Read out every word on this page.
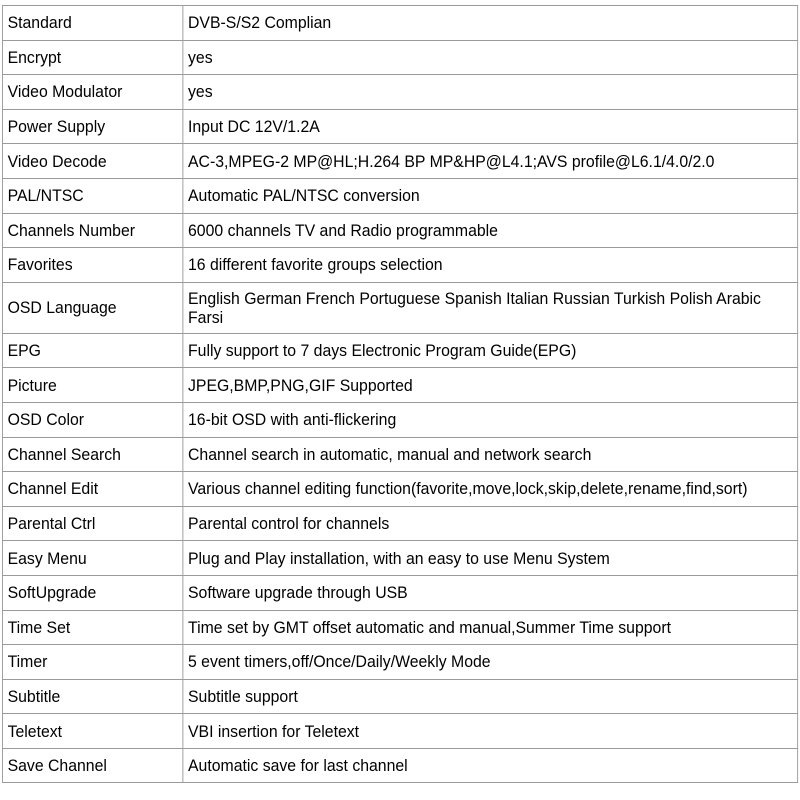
Standard	DVB-S/S2 Complian
Encrypt	yes
Video Modulator	yes
Power Supply	Input DC 12V/1.2A
Video Decode	AC-3,MPEG-2 MP@HL;H.264 BP MP&HP@L4.1;AVS profile@L6.1/4.0/2.0
PAL/NTSC	Automatic PAL/NTSC conversion
Channels Number	6000 channels TV and Radio programmable
Favorites	16 different favorite groups selection
OSD Language	English German French Portuguese Spanish Italian Russian Turkish Polish Arabic Farsi
EPG	Fully support to 7 days Electronic Program Guide(EPG)
Picture	JPEG,BMP,PNG,GIF Supported
OSD Color	16-bit OSD with anti-flickering
Channel Search	Channel search in automatic, manual and network search
Channel Edit	Various channel editing function(favorite,move,lock,skip,delete,rename,find,sort)
Parental Ctrl	Parental control for channels
Easy Menu	Plug and Play installation, with an easy to use Menu System
SoftUpgrade	Software upgrade through USB
Time Set	Time set by GMT offset automatic and manual,Summer Time support
Timer	5 event timers,off/Once/Daily/Weekly Mode
Subtitle	Subtitle support
Teletext	VBI insertion for Teletext
Save Channel	Automatic save for last channel
